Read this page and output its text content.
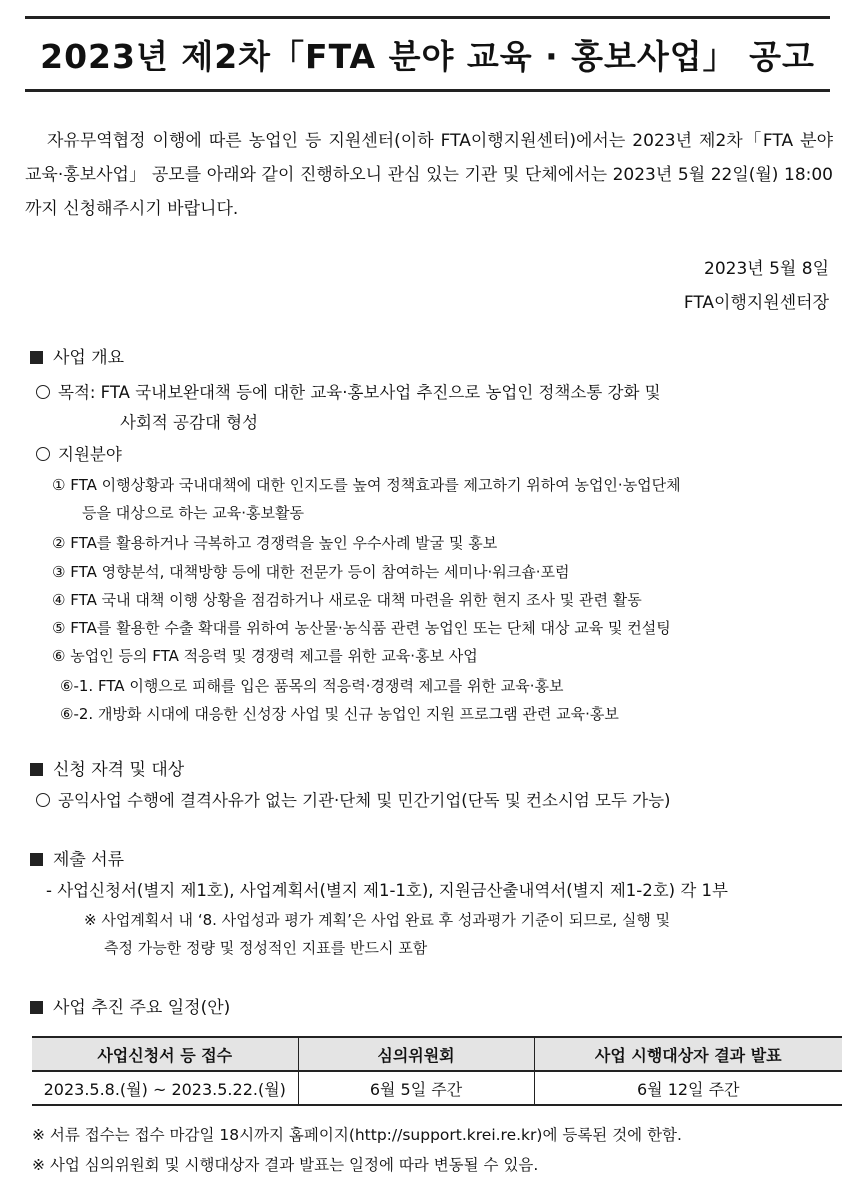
2023년 제2차「FTA 분야 교육 · 홍보사업」 공고

자유무역협정 이행에 따른 농업인 등 지원센터(이하 FTA이행지원센터)에서는 2023년 제2차「FTA 분야 교육·홍보사업」 공모를 아래와 같이 진행하오니 관심 있는 기관 및 단체에서는 2023년 5월 22일(월) 18:00까지 신청해주시기 바랍니다.

2023년 5월 8일
FTA이행지원센터장
사업 개요
목적: FTA 국내보완대책 등에 대한 교육·홍보사업 추진으로 농업인 정책소통 강화 및
사회적 공감대 형성
지원분야
① FTA 이행상황과 국내대책에 대한 인지도를 높여 정책효과를 제고하기 위하여 농업인·농업단체
등을 대상으로 하는 교육·홍보활동
② FTA를 활용하거나 극복하고 경쟁력을 높인 우수사례 발굴 및 홍보
③ FTA 영향분석, 대책방향 등에 대한 전문가 등이 참여하는 세미나·워크숍·포럼
④ FTA 국내 대책 이행 상황을 점검하거나 새로운 대책 마련을 위한 현지 조사 및 관련 활동
⑤ FTA를 활용한 수출 확대를 위하여 농산물·농식품 관련 농업인 또는 단체 대상 교육 및 컨설팅
⑥ 농업인 등의 FTA 적응력 및 경쟁력 제고를 위한 교육·홍보 사업
⑥-1. FTA 이행으로 피해를 입은 품목의 적응력·경쟁력 제고를 위한 교육·홍보
⑥-2. 개방화 시대에 대응한 신성장 사업 및 신규 농업인 지원 프로그램 관련 교육·홍보
신청 자격 및 대상
공익사업 수행에 결격사유가 없는 기관·단체 및 민간기업(단독 및 컨소시엄 모두 가능)
제출 서류
- 사업신청서(별지 제1호), 사업계획서(별지 제1-1호), 지원금산출내역서(별지 제1-2호) 각 1부
※ 사업계획서 내 ‘8. 사업성과 평가 계획’은 사업 완료 후 성과평가 기준이 되므로, 실행 및
측정 가능한 정량 및 정성적인 지표를 반드시 포함
사업 추진 주요 일정(안)
사업신청서 등 접수	심의위원회	사업 시행대상자 결과 발표
2023.5.8.(월) ~ 2023.5.22.(월)	6월 5일 주간	6월 12일 주간
※ 서류 접수는 접수 마감일 18시까지 홈페이지(http://support.krei.re.kr)에 등록된 것에 한함.
※ 사업 심의위원회 및 시행대상자 결과 발표는 일정에 따라 변동될 수 있음.
